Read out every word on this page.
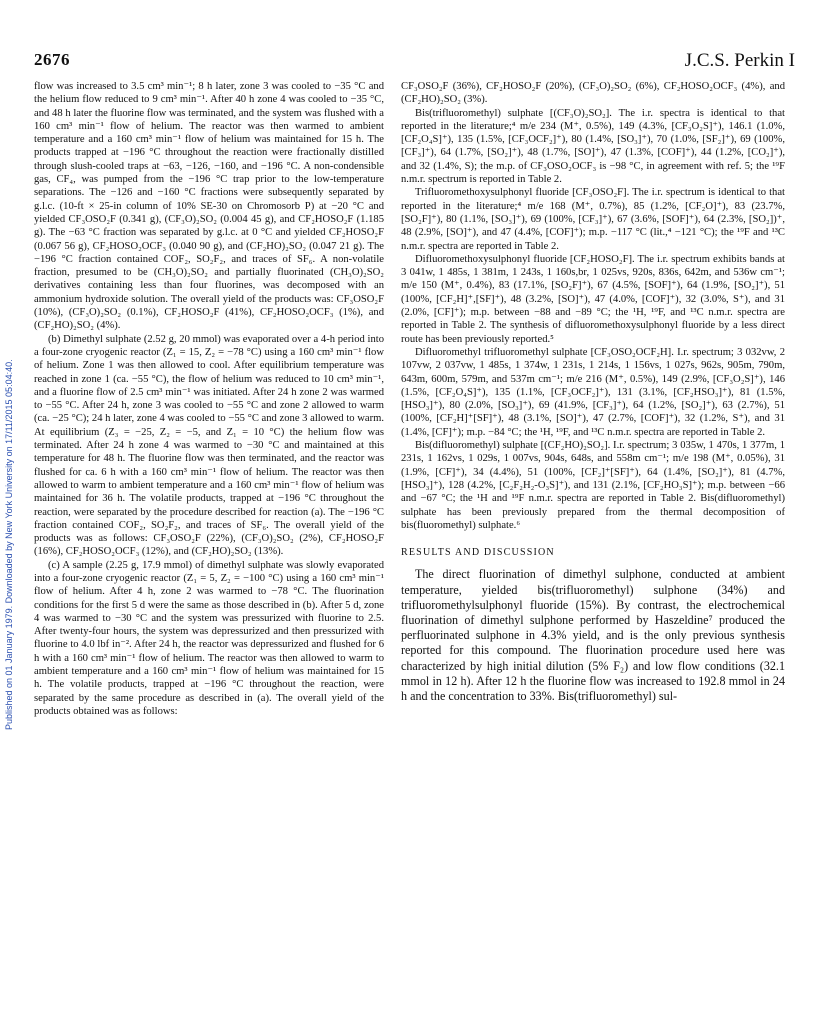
2676	J.C.S. Perkin I
Published on 01 January 1979. Downloaded by New York University on 17/11/2015 05:04:40.

flow was increased to 3.5 cm³ min⁻¹; 8 h later, zone 3 was cooled to −35 °C and the helium flow reduced to 9 cm³ min⁻¹. After 40 h zone 4 was cooled to −35 °C, and 48 h later the fluorine flow was terminated, and the system was flushed with a 160 cm³ min⁻¹ flow of helium. The reactor was then warmed to ambient temperature and a 160 cm³ min⁻¹ flow of helium was maintained for 15 h. The products trapped at −196 °C throughout the reaction were fractionally distilled through slush-cooled traps at −63, −126, −160, and −196 °C. A non-condensible gas, CF₄, was pumped from the −196 °C trap prior to the low-temperature separations. The −126 and −160 °C fractions were subsequently separated by g.l.c. (10-ft × 25-in column of 10% SE-30 on Chromosorb P) at −20 °C and yielded CF₃OSO₂F (0.341 g), (CF₃O)₂SO₂ (0.004 45 g), and CF₂HOSO₂F (1.185 g). The −63 °C fraction was separated by g.l.c. at 0 °C and yielded CF₂HOSO₂F (0.067 56 g), CF₂HOSO₂OCF₃ (0.040 90 g), and (CF₂HO)₂SO₂ (0.047 21 g). The −196 °C fraction contained COF₂, SO₂F₂, and traces of SF₆. A non-volatile fraction, presumed to be (CH₃O)₂SO₂ and partially fluorinated (CH₃O)₂SO₂ derivatives containing less than four fluorines, was decomposed with an ammonium hydroxide solution. The overall yield of the products was: CF₃OSO₂F (10%), (CF₃O)₂SO₂ (0.1%), CF₂HOSO₂F (41%), CF₂HOSO₂OCF₃ (1%), and (CF₂HO)₂SO₂ (4%).

(b) Dimethyl sulphate (2.52 g, 20 mmol) was evaporated over a 4-h period into a four-zone cryogenic reactor (Z₁ = 15, Z₂ = −78 °C) using a 160 cm³ min⁻¹ flow of helium. Zone 1 was then allowed to cool. After equilibrium temperature was reached in zone 1 (ca. −55 °C), the flow of helium was reduced to 10 cm³ min⁻¹, and a fluorine flow of 2.5 cm³ min⁻¹ was initiated. After 24 h zone 2 was warmed to −55 °C. After 24 h, zone 3 was cooled to −55 °C and zone 2 allowed to warm (ca. −25 °C); 24 h later, zone 4 was cooled to −55 °C and zone 3 allowed to warm. At equilibrium (Z₃ = −25, Z₂ = −5, and Z₁ = 10 °C) the helium flow was terminated. After 24 h zone 4 was warmed to −30 °C and maintained at this temperature for 48 h. The fluorine flow was then terminated, and the reactor was flushed for ca. 6 h with a 160 cm³ min⁻¹ flow of helium. The reactor was then allowed to warm to ambient temperature and a 160 cm³ min⁻¹ flow of helium was maintained for 36 h. The volatile products, trapped at −196 °C throughout the reaction, were separated by the procedure described for reaction (a). The −196 °C fraction contained COF₂, SO₂F₂, and traces of SF₆. The overall yield of the products was as follows: CF₃OSO₂F (22%), (CF₃O)₂SO₂ (2%), CF₂HOSO₂F (16%), CF₂HOSO₂OCF₃ (12%), and (CF₂HO)₂SO₂ (13%).

(c) A sample (2.25 g, 17.9 mmol) of dimethyl sulphate was slowly evaporated into a four-zone cryogenic reactor (Z₁ = 5, Z₂ = −100 °C) using a 160 cm³ min⁻¹ flow of helium. After 4 h, zone 2 was warmed to −78 °C. The fluorination conditions for the first 5 d were the same as those described in (b). After 5 d, zone 4 was warmed to −30 °C and the system was pressurized with fluorine to 2.5. After twenty-four hours, the system was depressurized and then pressurized with fluorine to 4.0 lbf in⁻². After 24 h, the reactor was depressurized and flushed for 6 h with a 160 cm³ min⁻¹ flow of helium. The reactor was then allowed to warm to ambient temperature and a 160 cm³ min⁻¹ flow of helium was maintained for 15 h. The volatile products, trapped at −196 °C throughout the reaction, were separated by the same procedure as described in (a). The overall yield of the products obtained was as follows:

CF₃OSO₂F (36%), CF₂HOSO₂F (20%), (CF₃O)₂SO₂ (6%), CF₂HOSO₂OCF₃ (4%), and (CF₂HO)₂SO₂ (3%).

Bis(trifluoromethyl) sulphate [(CF₃O)₂SO₂]. The i.r. spectra is identical to that reported in the literature;⁴ m/e 234 (M⁺, 0.5%), 149 (4.3%, [CF₃O₂S]⁺), 146.1 (1.0%, [CF₂O₄S]⁺), 135 (1.5%, [CF₃OCF₂]⁺), 80 (1.4%, [SO₃]⁺), 70 (1.0%, [SF₂]⁺), 69 (100%, [CF₃]⁺), 64 (1.7%, [SO₂]⁺), 48 (1.7%, [SO]⁺), 47 (1.3%, [COF]⁺), 44 (1.2%, [CO₂]⁺), and 32 (1.4%, S); the m.p. of CF₃OSO₂OCF₃ is −98 °C, in agreement with ref. 5; the ¹⁹F n.m.r. spectrum is reported in Table 2.

Trifluoromethoxysulphonyl fluoride [CF₃OSO₂F]. The i.r. spectrum is identical to that reported in the literature;⁴ m/e 168 (M⁺, 0.7%), 85 (1.2%, [CF₂O]⁺), 83 (23.7%, [SO₂F]⁺), 80 (1.1%, [SO₃]⁺), 69 (100%, [CF₃]⁺), 67 (3.6%, [SOF]⁺), 64 (2.3%, [SO₂])⁺, 48 (2.9%, [SO]⁺), and 47 (4.4%, [COF]⁺); m.p. −117 °C (lit.,⁴ −121 °C); the ¹⁹F and ¹³C n.m.r. spectra are reported in Table 2.

Difluoromethoxysulphonyl fluoride [CF₂HOSO₂F]. The i.r. spectrum exhibits bands at 3 041w, 1 485s, 1 381m, 1 243s, 1 160s,br, 1 025vs, 920s, 836s, 642m, and 536w cm⁻¹; m/e 150 (M⁺, 0.4%), 83 (17.1%, [SO₂F]⁺), 67 (4.5%, [SOF]⁺), 64 (1.9%, [SO₂]⁺), 51 (100%, [CF₂H]⁺,[SF]⁺), 48 (3.2%, [SO]⁺), 47 (4.0%, [COF]⁺), 32 (3.0%, S⁺), and 31 (2.0%, [CF]⁺); m.p. between −88 and −89 °C; the ¹H, ¹⁹F, and ¹³C n.m.r. spectra are reported in Table 2. The synthesis of difluoromethoxysulphonyl fluoride by a less direct route has been previously reported.⁵

Difluoromethyl trifluoromethyl sulphate [CF₃OSO₂OCF₂H]. I.r. spectrum; 3 032vw, 2 107vw, 2 037vw, 1 485s, 1 374w, 1 231s, 1 214s, 1 156vs, 1 027s, 962s, 905m, 790m, 643m, 600m, 579m, and 537m cm⁻¹; m/e 216 (M⁺, 0.5%), 149 (2.9%, [CF₃O₂S]⁺), 146 (1.5%, [CF₂O₄S]⁺), 135 (1.1%, [CF₃OCF₂]⁺), 131 (3.1%, [CF₂HSO₃]⁺), 81 (1.5%, [HSO₃]⁺), 80 (2.0%, [SO₃]⁺), 69 (41.9%, [CF₃]⁺), 64 (1.2%, [SO₂]⁺), 63 (2.7%), 51 (100%, [CF₂H]⁺[SF]⁺), 48 (3.1%, [SO]⁺), 47 (2.7%, [COF]⁺), 32 (1.2%, S⁺), and 31 (1.4%, [CF]⁺); m.p. −84 °C; the ¹H, ¹⁹F, and ¹³C n.m.r. spectra are reported in Table 2.

Bis(difluoromethyl) sulphate [(CF₂HO)₂SO₂]. I.r. spectrum; 3 035w, 1 470s, 1 377m, 1 231s, 1 162vs, 1 029s, 1 007vs, 904s, 648s, and 558m cm⁻¹; m/e 198 (M⁺, 0.05%), 31 (1.9%, [CF]⁺), 34 (4.4%), 51 (100%, [CF₂]⁺[SF]⁺), 64 (1.4%, [SO₂]⁺), 81 (4.7%, [HSO₃]⁺), 128 (4.2%, [C₂F₂H₂-O₃S]⁺), and 131 (2.1%, [CF₂HO₃S]⁺); m.p. between −66 and −67 °C; the ¹H and ¹⁹F n.m.r. spectra are reported in Table 2. Bis(difluoromethyl) sulphate has been previously prepared from the thermal decomposition of bis(fluoromethyl) sulphate.⁶

RESULTS AND DISCUSSION

The direct fluorination of dimethyl sulphone, conducted at ambient temperature, yielded bis(trifluoromethyl) sulphone (34%) and trifluoromethylsulphonyl fluoride (15%). By contrast, the electrochemical fluorination of dimethyl sulphone performed by Haszeldine⁷ produced the perfluorinated sulphone in 4.3% yield, and is the only previous synthesis reported for this compound. The fluorination procedure used here was characterized by high initial dilution (5% F₂) and low flow conditions (32.1 mmol in 12 h). After 12 h the fluorine flow was increased to 192.8 mmol in 24 h and the concentration to 33%. Bis(trifluoromethyl) sul-
